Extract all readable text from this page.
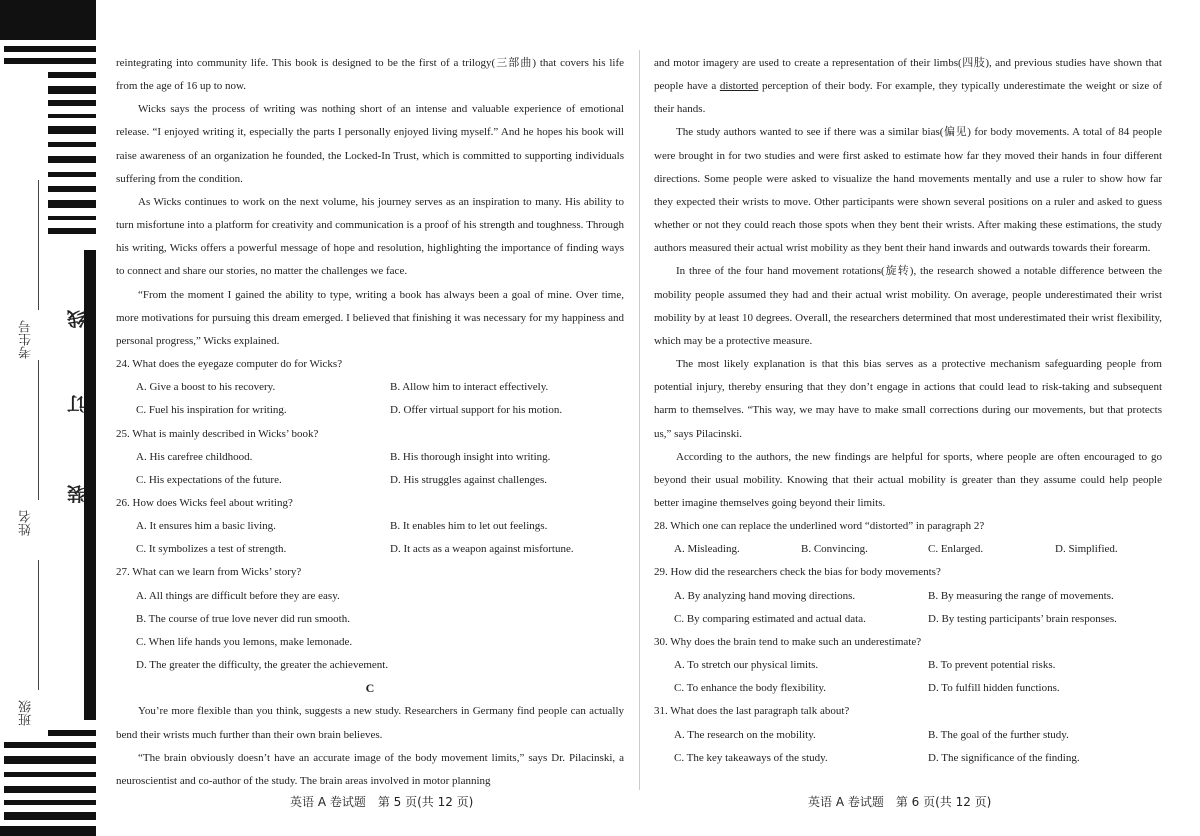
考生号
姓名
班级
线
订
装

reintegrating into community life. This book is designed to be the first of a trilogy(三部曲) that covers his life from the age of 16 up to now.

Wicks says the process of writing was nothing short of an intense and valuable experience of emotional release. “I enjoyed writing it, especially the parts I personally enjoyed living myself.” And he hopes his book will raise awareness of an organization he founded, the Locked-In Trust, which is committed to supporting individuals suffering from the condition.

As Wicks continues to work on the next volume, his journey serves as an inspiration to many. His ability to turn misfortune into a platform for creativity and communication is a proof of his strength and toughness. Through his writing, Wicks offers a powerful message of hope and resolution, highlighting the importance of finding ways to connect and share our stories, no matter the challenges we face.

“From the moment I gained the ability to type, writing a book has always been a goal of mine. Over time, more motivations for pursuing this dream emerged. I believed that finishing it was necessary for my happiness and personal progress,” Wicks explained.

24. What does the eyegaze computer do for Wicks?

A. Give a boost to his recovery.	B. Allow him to interact effectively.
C. Fuel his inspiration for writing.	D. Offer virtual support for his motion.

25. What is mainly described in Wicks’ book?

A. His carefree childhood.	B. His thorough insight into writing.
C. His expectations of the future.	D. His struggles against challenges.

26. How does Wicks feel about writing?

A. It ensures him a basic living.	B. It enables him to let out feelings.
C. It symbolizes a test of strength.	D. It acts as a weapon against misfortune.

27. What can we learn from Wicks’ story?

A. All things are difficult before they are easy.
B. The course of true love never did run smooth.
C. When life hands you lemons, make lemonade.
D. The greater the difficulty, the greater the achievement.

C

You’re more flexible than you think, suggests a new study. Researchers in Germany find people can actually bend their wrists much further than their own brain believes.

“The brain obviously doesn’t have an accurate image of the body movement limits,” says Dr. Pilacinski, a neuroscientist and co-author of the study. The brain areas involved in motor planning

and motor imagery are used to create a representation of their limbs(四肢), and previous studies have shown that people have a distorted perception of their body. For example, they typically underestimate the weight or size of their hands.

The study authors wanted to see if there was a similar bias(偏见) for body movements. A total of 84 people were brought in for two studies and were first asked to estimate how far they moved their hands in four different directions. Some people were asked to visualize the hand movements mentally and use a ruler to show how far they expected their wrists to move. Other participants were shown several positions on a ruler and asked to guess whether or not they could reach those spots when they bent their wrists. After making these estimations, the study authors measured their actual wrist mobility as they bent their hand inwards and outwards towards their forearm.

In three of the four hand movement rotations(旋转), the research showed a notable difference between the mobility people assumed they had and their actual wrist mobility. On average, people underestimated their wrist mobility by at least 10 degrees. Overall, the researchers determined that most underestimated their wrist flexibility, which may be a protective measure.

The most likely explanation is that this bias serves as a protective mechanism safeguarding people from potential injury, thereby ensuring that they don’t engage in actions that could lead to risk-taking and subsequent harm to themselves. “This way, we may have to make small corrections during our movements, but that protects us,” says Pilacinski.

According to the authors, the new findings are helpful for sports, where people are often encouraged to go beyond their usual mobility. Knowing that their actual mobility is greater than they assume could help people better imagine themselves going beyond their limits.

28. Which one can replace the underlined word “distorted” in paragraph 2?

A. Misleading.	B. Convincing.	C. Enlarged.	D. Simplified.

29. How did the researchers check the bias for body movements?

A. By analyzing hand moving directions.	B. By measuring the range of movements.
C. By comparing estimated and actual data.	D. By testing participants’ brain responses.

30. Why does the brain tend to make such an underestimate?

A. To stretch our physical limits.	B. To prevent potential risks.
C. To enhance the body flexibility.	D. To fulfill hidden functions.

31. What does the last paragraph talk about?

A. The research on the mobility.	B. The goal of the further study.
C. The key takeaways of the study.	D. The significance of the finding.
英语 A 卷试题　第 5 页(共 12 页)	英语 A 卷试题　第 6 页(共 12 页)
